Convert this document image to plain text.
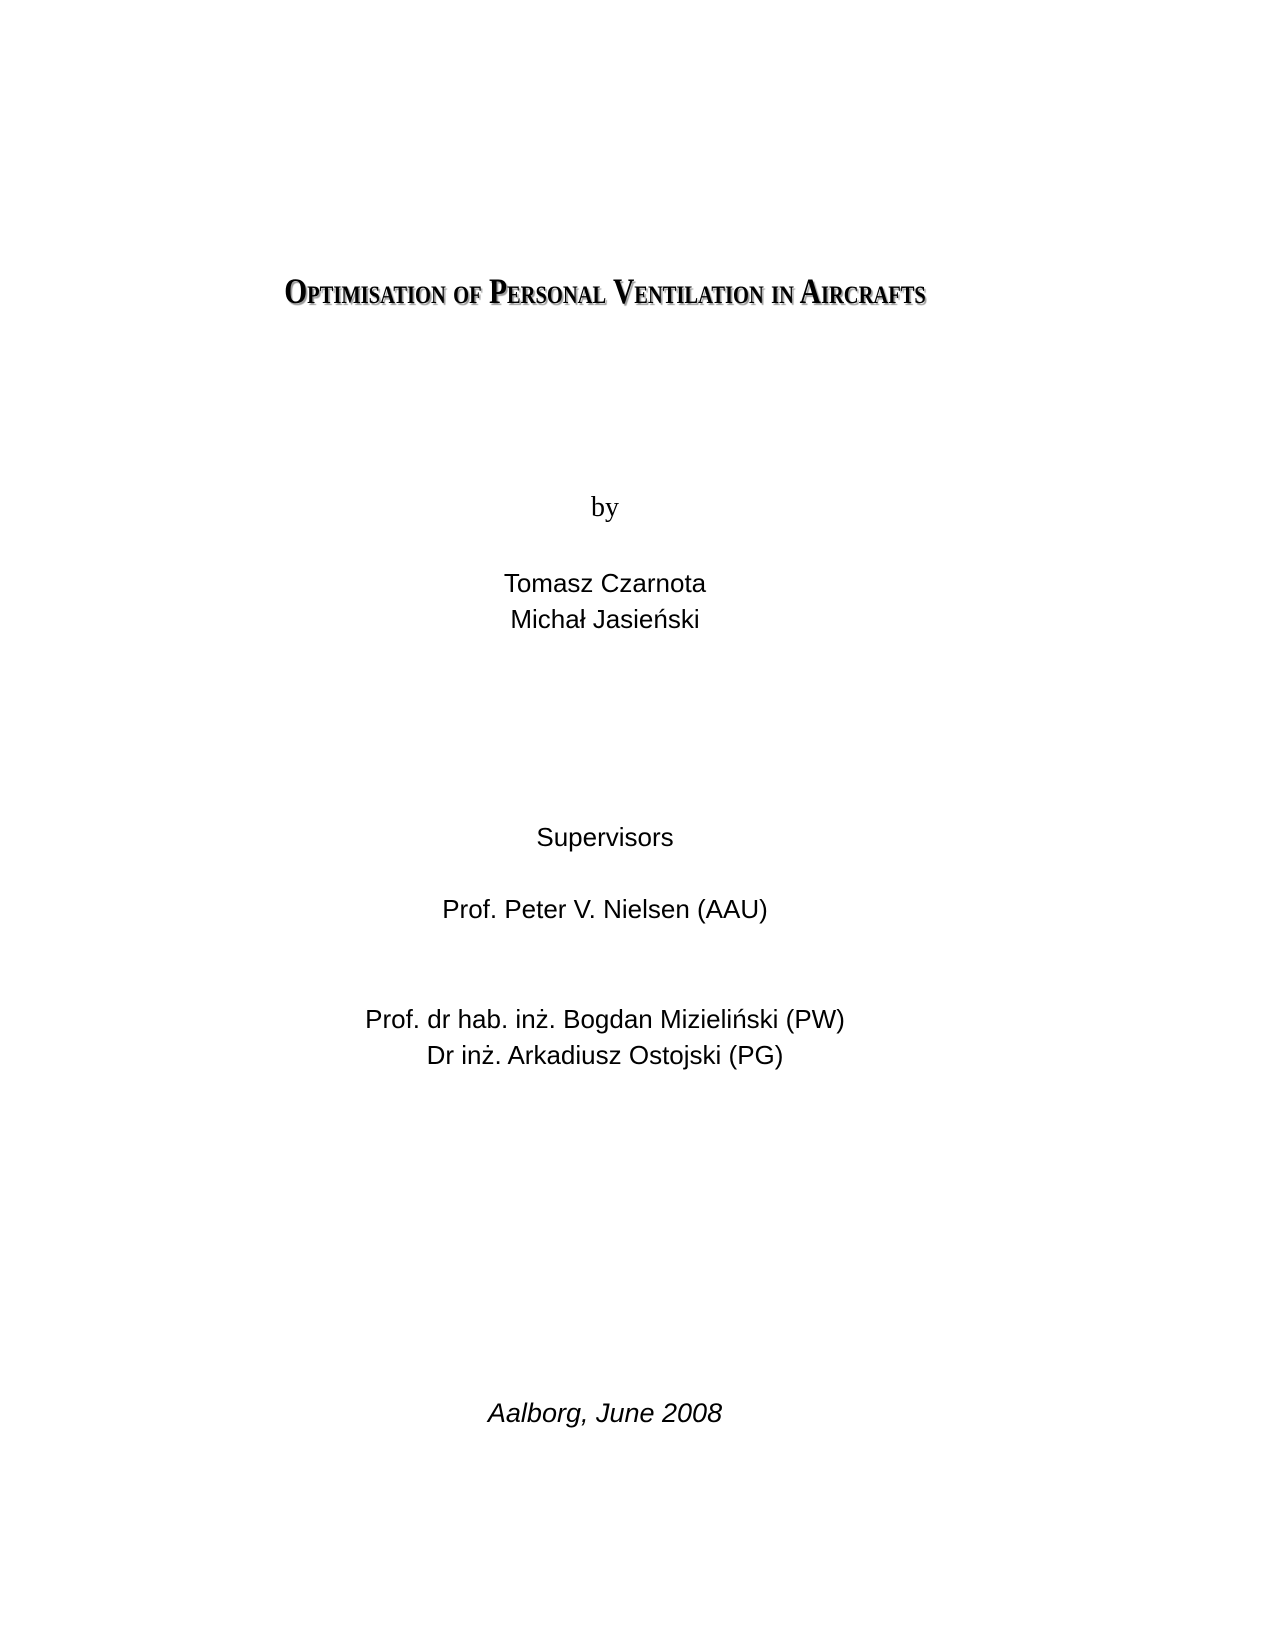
Optimisation of Personal Ventilation in Aircrafts
by
Tomasz Czarnota
Michał Jasieński
Supervisors
Prof. Peter V. Nielsen (AAU)
Prof. dr hab. inż. Bogdan Mizieliński (PW)
Dr inż. Arkadiusz Ostojski (PG)
Aalborg, June 2008
